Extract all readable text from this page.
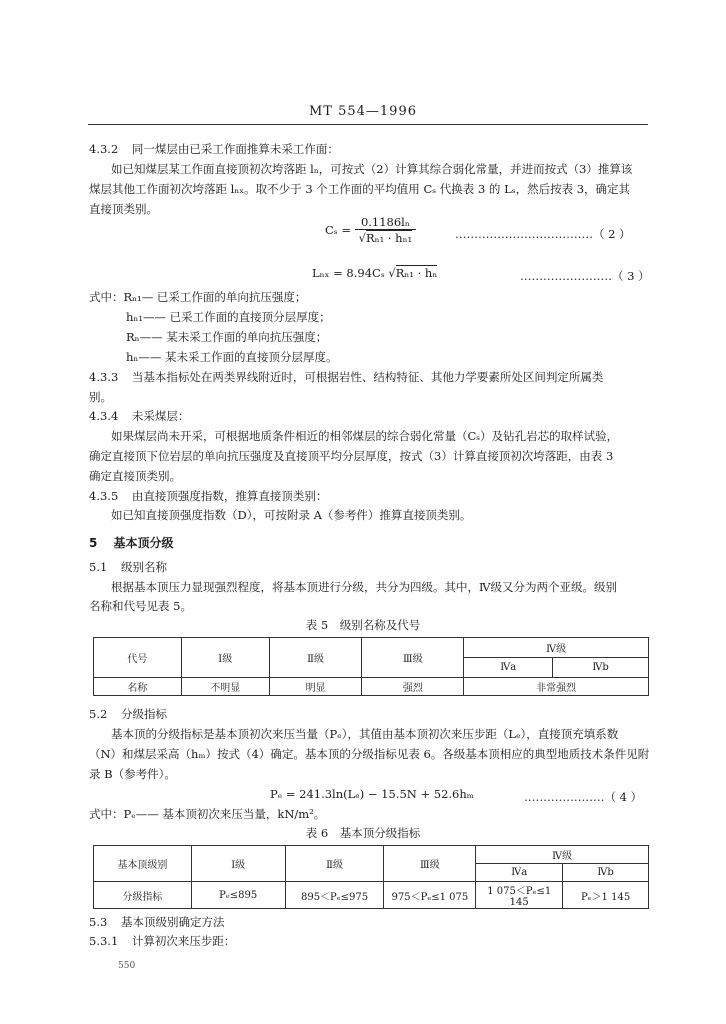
MT 554—1996
4.3.2 同一煤层由已采工作面推算未采工作面：
如已知煤层某工作面直接顶初次垮落距 lₙ，可按式（2）计算其综合弱化常量，并进而按式（3）推算该
煤层其他工作面初次垮落距 lₙₓ。取不少于 3 个工作面的平均值用 Cₛ 代换表 3 的 Lₛ，然后按表 3，确定其
直接顶类别。
$C_s = \frac{\text{0.1186lₙ}}{\text{√Rₙ₁ · hₙ₁}}$	………………………………（ 2 ）
Lₙₓ = 8.94Cₛ √Rₙ₁ · hₙ	……………………（ 3 ）
式中：Rₙ₁— 已采工作面的单向抗压强度；
hₙ₁—— 已采工作面的直接顶分层厚度；
Rₙ—— 某未采工作面的单向抗压强度；
hₙ—— 某未采工作面的直接顶分层厚度。
4.3.3 当基本指标处在两类界线附近时，可根据岩性、结构特征、其他力学要素所处区间判定所属类
别。
4.3.4 未采煤层：
如果煤层尚未开采，可根据地质条件相近的相邻煤层的综合弱化常量（Cₛ）及钻孔岩芯的取样试验，
确定直接顶下位岩层的单向抗压强度及直接顶平均分层厚度，按式（3）计算直接顶初次垮落距，由表 3
确定直接顶类别。
4.3.5 由直接顶强度指数，推算直接顶类别：
如已知直接顶强度指数（D），可按附录 A（参考件）推算直接顶类别。
5 基本顶分级
5.1 级别名称
根据基本顶压力显现强烈程度，将基本顶进行分级，共分为四级。其中，Ⅳ级又分为两个亚级。级别
名称和代号见表 5。
表 5　级别名称及代号
代号	Ⅰ级	Ⅱ级	Ⅲ级	Ⅳ级	
				Ⅳa	Ⅳb
名称	不明显	明显	强烈	非常强烈	
5.2 分级指标
基本顶的分级指标是基本顶初次来压当量（Pₑ），其值由基本顶初次来压步距（Lₑ），直接顶充填系数
（N）和煤层采高（hₘ）按式（4）确定。基本顶的分级指标见表 6。各级基本顶相应的典型地质技术条件见附
录 B（参考件）。
Pₑ = 241.3ln(Lₑ) − 15.5N + 52.6hₘ	…………………（ 4 ）
式中：Pₑ—— 基本顶初次来压当量，kN/m²。
表 6　基本顶分级指标
基本顶级别	Ⅰ级	Ⅱ级	Ⅲ级	Ⅳ级	
				Ⅳa	Ⅳb
分级指标	Pₑ≤895	895＜Pₑ≤975	975＜Pₑ≤1 075	1 075＜Pₑ≤1 145	Pₑ＞1 145
5.3 基本顶级别确定方法
5.3.1 计算初次来压步距：
550
